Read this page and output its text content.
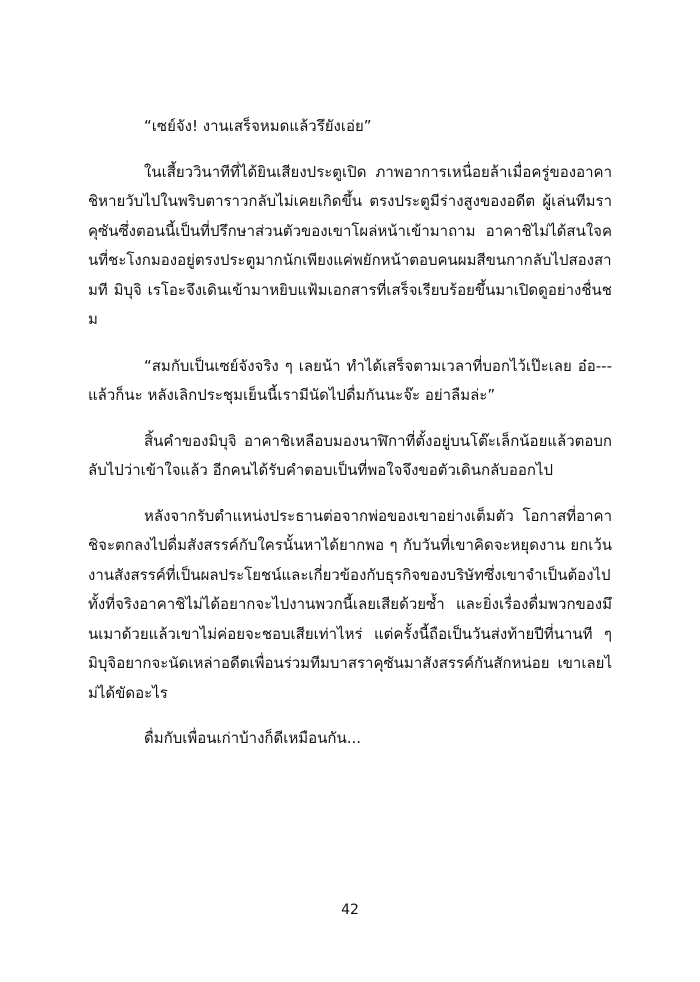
“เซย์จัง! งานเสร็จหมดแล้วรึยังเอ่ย”

ในเสี้ยววินาทีที่ได้ยินเสียงประตูเปิด ภาพอาการเหนื่อยล้าเมื่อครู่ของอาคาชิหายวับไปในพริบตาราวกลับไม่เคยเกิดขึ้น ตรงประตูมีร่างสูงของอดีต ผู้เล่นทีมราคุซันซึ่งตอนนี้เป็นที่ปรึกษาส่วนตัวของเขาโผล่หน้าเข้ามาถาม อาคาชิไม่ได้สนใจคนที่ชะโงกมองอยู่ตรงประตูมากนักเพียงแค่พยักหน้าตอบคนผมสีขนกากลับไปสองสามที มิบุจิ เรโอะจึงเดินเข้ามาหยิบแฟ้มเอกสารที่เสร็จเรียบร้อยขึ้นมาเปิดดูอย่างชื่นชม

“สมกับเป็นเซย์จังจริง ๆ เลยน้า ทำได้เสร็จตามเวลาที่บอกไว้เป๊ะเลย อ๋อ--- แล้วก็นะ หลังเลิกประชุมเย็นนี้เรามีนัดไปดื่มกันนะจ๊ะ อย่าลืมล่ะ”

สิ้นคำของมิบุจิ อาคาชิเหลือบมองนาฬิกาที่ตั้งอยู่บนโต๊ะเล็กน้อยแล้วตอบกลับไปว่าเข้าใจแล้ว อีกคนได้รับคำตอบเป็นที่พอใจจึงขอตัวเดินกลับออกไป

หลังจากรับตำแหน่งประธานต่อจากพ่อของเขาอย่างเต็มตัว โอกาสที่อาคาชิจะตกลงไปดื่มสังสรรค์กับใครนั้นหาได้ยากพอ ๆ กับวันที่เขาคิดจะหยุดงาน ยกเว้นงานสังสรรค์ที่เป็นผลประโยชน์และเกี่ยวข้องกับธุรกิจของบริษัทซึ่งเขาจำเป็นต้องไป ทั้งที่จริงอาคาชิไม่ได้อยากจะไปงานพวกนี้เลยเสียด้วยซ้ำ และยิ่งเรื่องดื่มพวกของมึนเมาด้วยแล้วเขาไม่ค่อยจะชอบเสียเท่าไหร่ แต่ครั้งนี้ถือเป็นวันส่งท้ายปีที่นานที ๆ มิบุจิอยากจะนัดเหล่าอดีตเพื่อนร่วมทีมบาสราคุซันมาสังสรรค์กันสักหน่อย เขาเลยไม่ได้ขัดอะไร

ดื่มกับเพื่อนเก่าบ้างก็ดีเหมือนกัน...

42
